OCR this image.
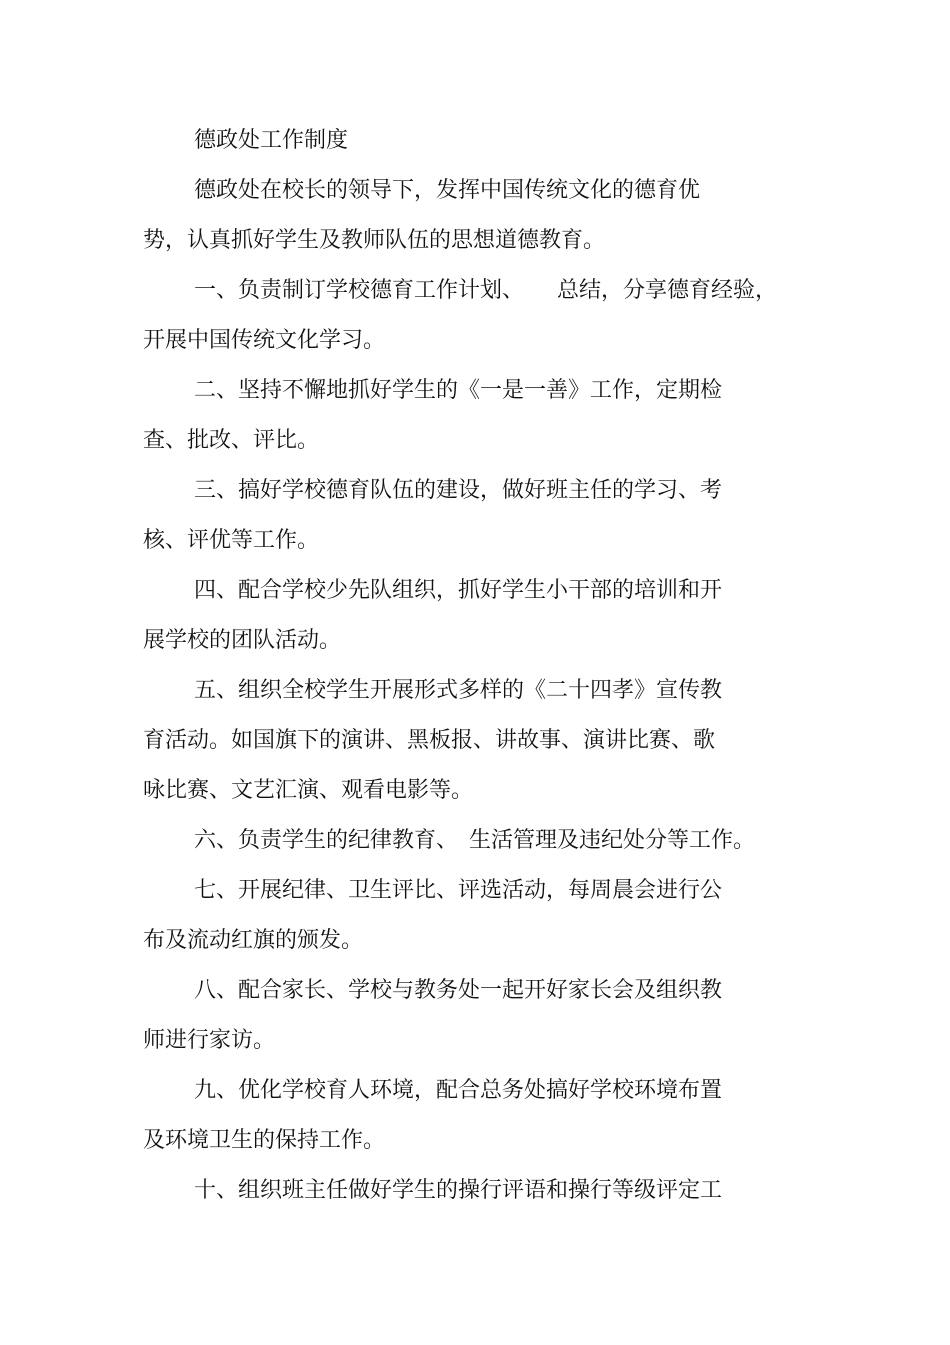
德政处工作制度
德政处在校长的领导下，发挥中国传统文化的德育优
势，认真抓好学生及教师队伍的思想道德教育。
一、负责制订学校德育工作计划、　　总结，分享德育经验，
开展中国传统文化学习。
二、坚持不懈地抓好学生的《一是一善》工作，定期检
查、批改、评比。
三、搞好学校德育队伍的建设，做好班主任的学习、考
核、评优等工作。
四、配合学校少先队组织，抓好学生小干部的培训和开
展学校的团队活动。
五、组织全校学生开展形式多样的《二十四孝》宣传教
育活动。如国旗下的演讲、黑板报、讲故事、演讲比赛、歌
咏比赛、文艺汇演、观看电影等。
六、负责学生的纪律教育、　生活管理及违纪处分等工作。
七、开展纪律、卫生评比、评选活动，每周晨会进行公
布及流动红旗的颁发。
八、配合家长、学校与教务处一起开好家长会及组织教
师进行家访。
九、优化学校育人环境，配合总务处搞好学校环境布置
及环境卫生的保持工作。
十、组织班主任做好学生的操行评语和操行等级评定工
